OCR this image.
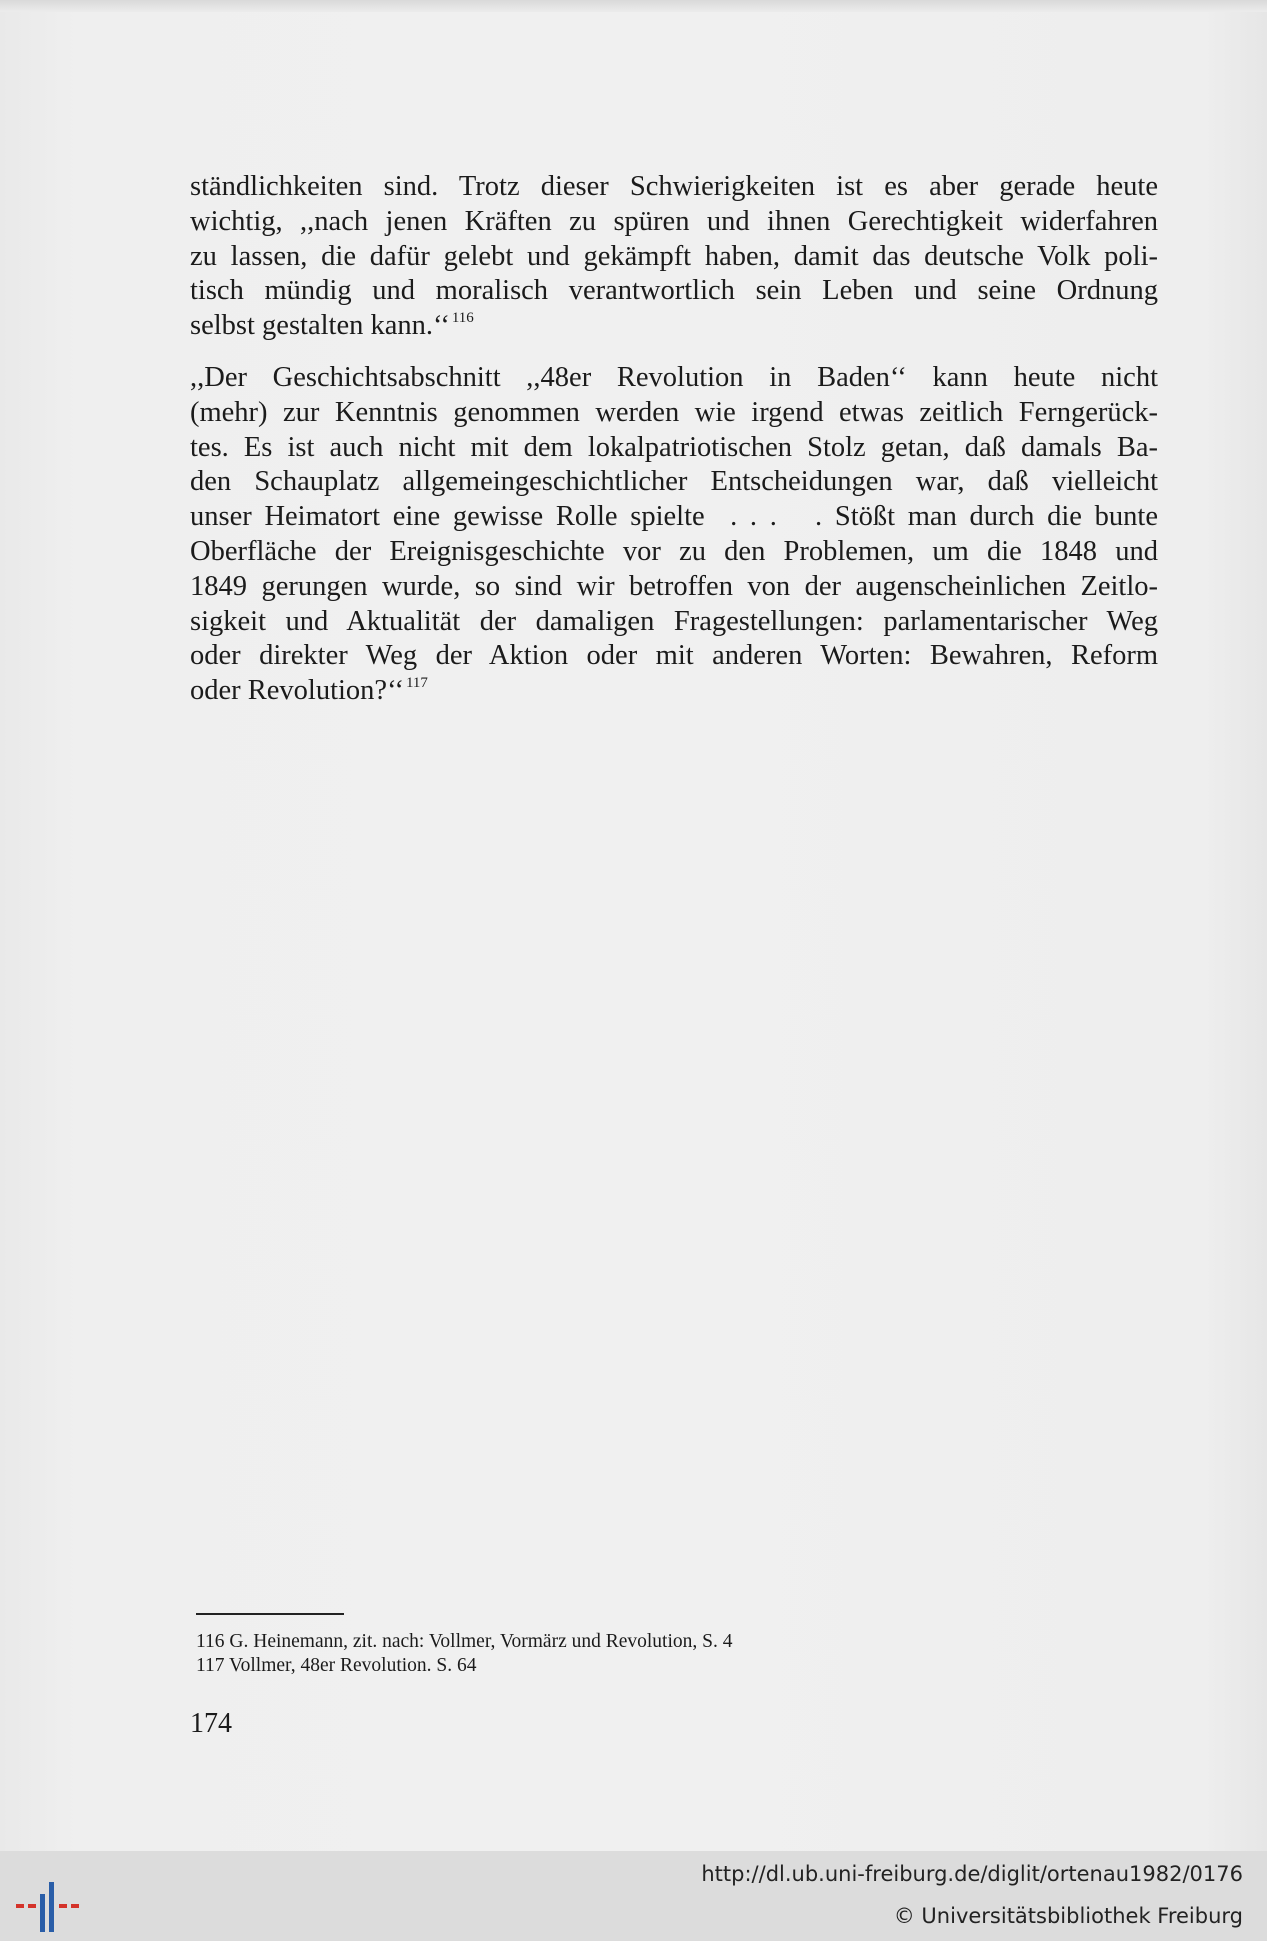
ständlichkeiten sind. Trotz dieser Schwierigkeiten ist es aber gerade heute
wichtig, ,,nach jenen Kräften zu spüren und ihnen Gerechtigkeit widerfahren
zu lassen, die dafür gelebt und gekämpft haben, damit das deutsche Volk poli-
tisch mündig und moralisch verantwortlich sein Leben und seine Ordnung
selbst gestalten kann.‘‘ $^{116}$
,,Der Geschichtsabschnitt ,,48er Revolution in Baden‘‘ kann heute nicht
(mehr) zur Kenntnis genommen werden wie irgend etwas zeitlich Ferngerück-
tes. Es ist auch nicht mit dem lokalpatriotischen Stolz getan, daß damals Ba-
den Schauplatz allgemeingeschichtlicher Entscheidungen war, daß vielleicht
unser Heimatort eine gewisse Rolle spielte  . . .   . Stößt man durch die bunte
Oberfläche der Ereignisgeschichte vor zu den Problemen, um die 1848 und
1849 gerungen wurde, so sind wir betroffen von der augenscheinlichen Zeitlo-
sigkeit und Aktualität der damaligen Fragestellungen: parlamentarischer Weg
oder direkter Weg der Aktion oder mit anderen Worten: Bewahren, Reform
oder Revolution?‘‘ $^{117}$
116 G. Heinemann, zit. nach: Vollmer, Vormärz und Revolution, S. 4
117 Vollmer, 48er Revolution. S. 64
174
http://dl.ub.uni-freiburg.de/diglit/ortenau1982/0176
© Universitätsbibliothek Freiburg
